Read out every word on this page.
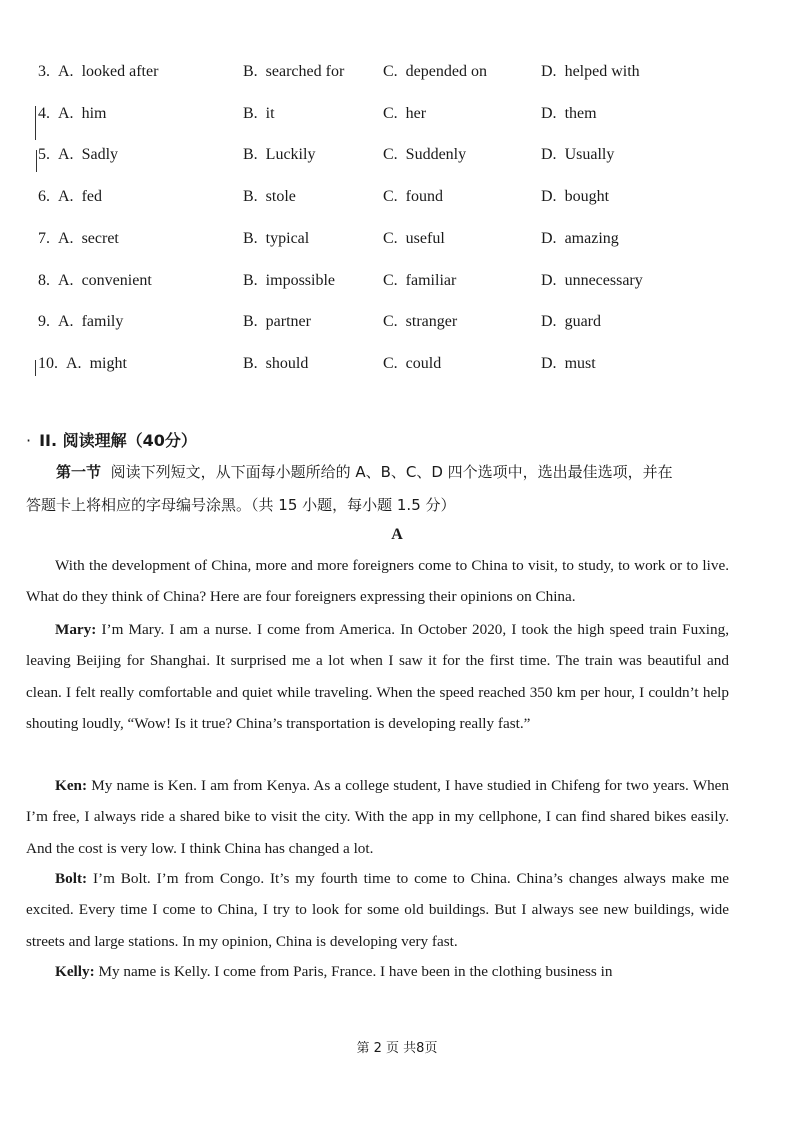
3. A. looked after	B. searched for C. depended on	D. helped with
4. A. him	B. it	C. her	D. them
5. A. Sadly	B. Luckily	C. Suddenly	D. Usually
6. A. fed	B. stole	C. found	D. bought
7. A. secret	B. typical	C. useful	D. amazing
8. A. convenient	B. impossible	C. familiar	D. unnecessary
9. A. family	B. partner	C. stranger	D. guard
10. A. might	B. should	C. could	D. must
· II. 阅读理解（40分）
第一节 阅读下列短文，从下面每小题所给的 A、B、C、D 四个选项中，选出最佳选项，并在
答题卡上将相应的字母编号涂黑。（共 15 小题，每小题 1.5 分）
A
With the development of China, more and more foreigners come to China to visit, to study, to work or to live. What do they think of China? Here are four foreigners expressing their opinions on China.
Mary: I’m Mary. I am a nurse. I come from America. In October 2020, I took the high speed train Fuxing, leaving Beijing for Shanghai. It surprised me a lot when I saw it for the first time. The train was beautiful and clean. I felt really comfortable and quiet while traveling. When the speed reached 350 km per hour, I couldn’t help shouting loudly, “Wow! Is it true? China’s transportation is developing really fast.”
Ken: My name is Ken. I am from Kenya. As a college student, I have studied in Chifeng for two years. When I’m free, I always ride a shared bike to visit the city. With the app in my cellphone, I can find shared bikes easily. And the cost is very low. I think China has changed a lot.
Bolt: I’m Bolt. I’m from Congo. It’s my fourth time to come to China. China’s changes always make me excited. Every time I come to China, I try to look for some old buildings. But I always see new buildings, wide streets and large stations. In my opinion, China is developing very fast.
Kelly: My name is Kelly. I come from Paris, France. I have been in the clothing business in
第 2 页 共8页
